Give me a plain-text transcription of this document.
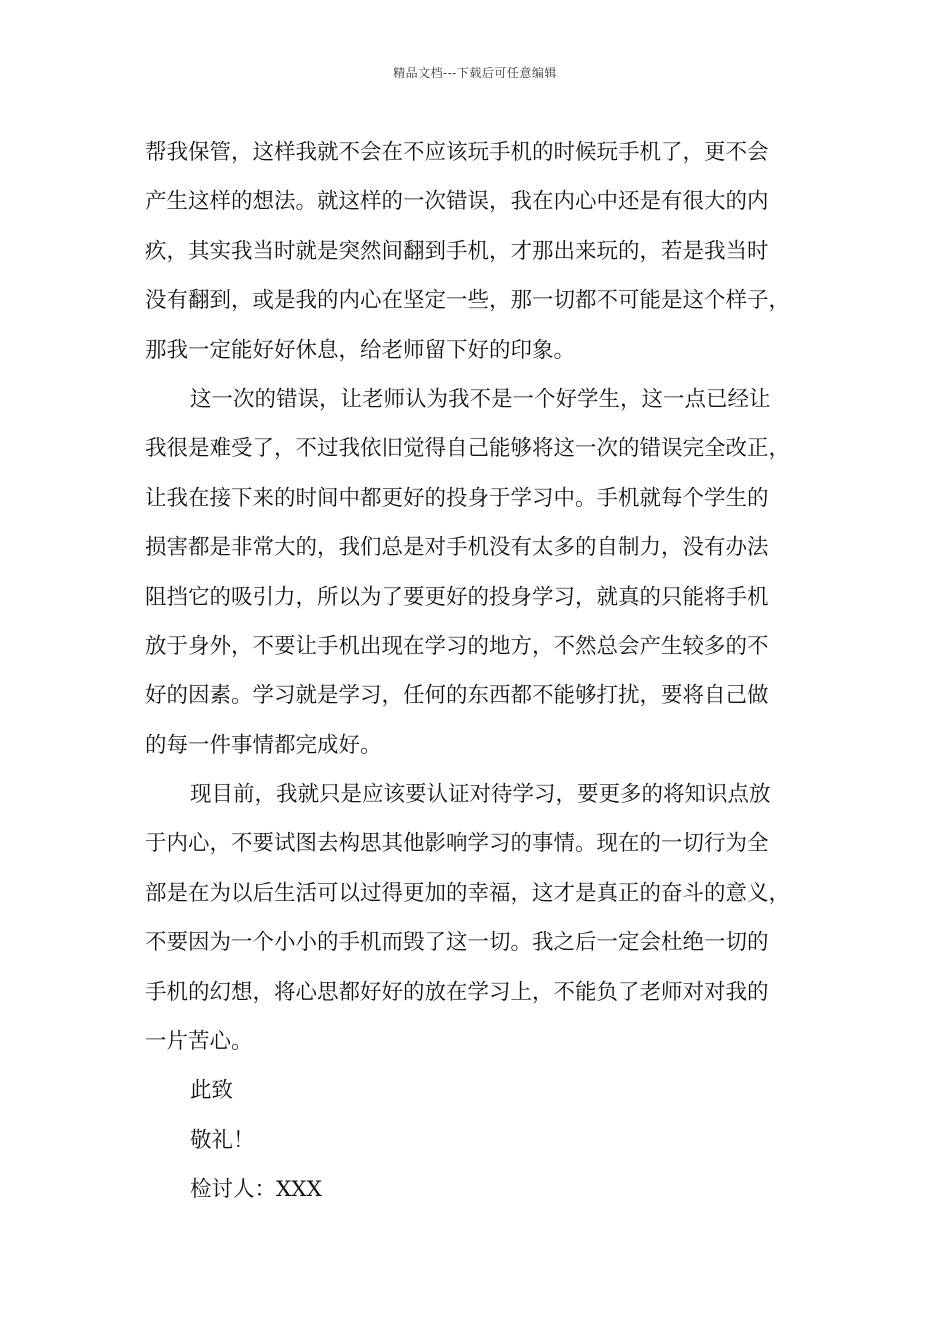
精品文档---下载后可任意编辑
帮我保管，这样我就不会在不应该玩手机的时候玩手机了，更不会
产生这样的想法。就这样的一次错误，我在内心中还是有很大的内
疚，其实我当时就是突然间翻到手机，才那出来玩的，若是我当时
没有翻到，或是我的内心在坚定一些，那一切都不可能是这个样子，
那我一定能好好休息，给老师留下好的印象。
这一次的错误，让老师认为我不是一个好学生，这一点已经让
我很是难受了，不过我依旧觉得自己能够将这一次的错误完全改正，
让我在接下来的时间中都更好的投身于学习中。手机就每个学生的
损害都是非常大的，我们总是对手机没有太多的自制力，没有办法
阻挡它的吸引力，所以为了要更好的投身学习，就真的只能将手机
放于身外，不要让手机出现在学习的地方，不然总会产生较多的不
好的因素。学习就是学习，任何的东西都不能够打扰，要将自己做
的每一件事情都完成好。
现目前，我就只是应该要认证对待学习，要更多的将知识点放
于内心，不要试图去构思其他影响学习的事情。现在的一切行为全
部是在为以后生活可以过得更加的幸福，这才是真正的奋斗的意义，
不要因为一个小小的手机而毁了这一切。我之后一定会杜绝一切的
手机的幻想，将心思都好好的放在学习上，不能负了老师对对我的
一片苦心。
此致
敬礼！
检讨人：XXX
